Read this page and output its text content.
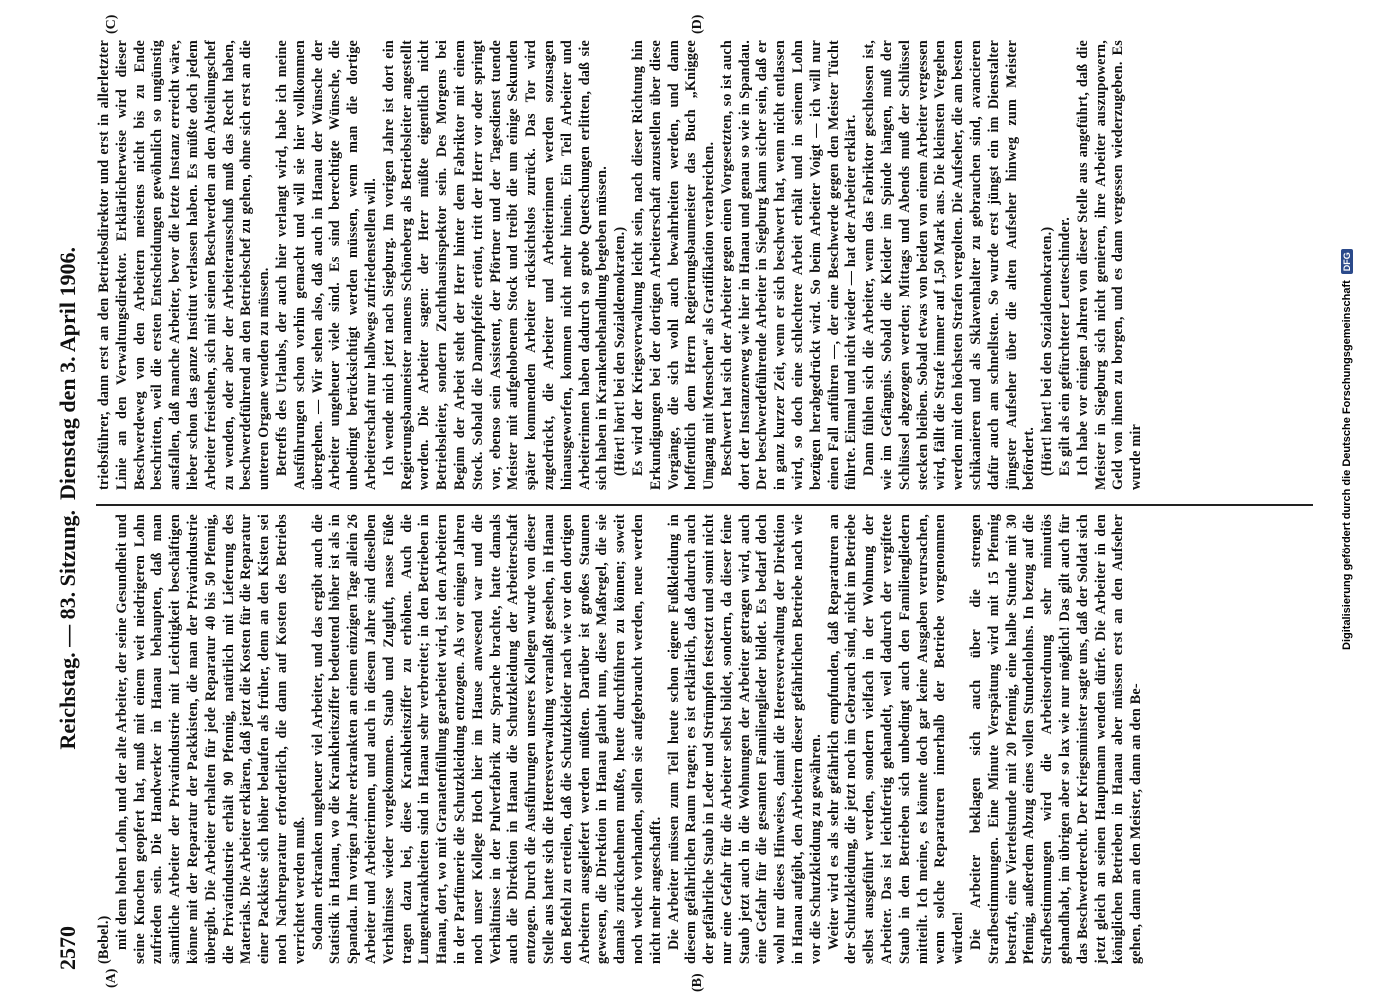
2570
Reichstag. — 83. Sitzung.
Dienstag den 3. April 1906.
(A)	(B)
(C)	(D)

(Bebel.) mit dem hohen Lohn, und der alte Arbeiter, der seine Gesundheit und seine Knochen geopfert hat, muß mit einem weit niedrigeren Lohn zufrieden sein. Die Handwerker in Hanau behaupten, daß man sämtliche Arbeiter der Privatindustrie mit Leichtigkeit beschäftigen könne mit der Reparatur der Packkisten, die man der Privatindustrie übergibt. Die Arbeiter erhalten für jede Reparatur 40 bis 50 Pfennig, die Privatindustrie erhält 90 Pfennig, natürlich mit Lieferung des Materials. Die Arbeiter erklären, daß jetzt die Kosten für die Reparatur einer Packkiste sich höher belaufen als früher, denn an den Kisten sei noch Nachreparatur erforderlich, die dann auf Kosten des Betriebs verrichtet werden muß. Sodann erkranken ungeheuer viel Arbeiter, und das ergibt auch die Statistik in Hanau, wo die Krankheitsziffer bedeutend höher ist als in Spandau. Im vorigen Jahre erkrankten an einem einzigen Tage allein 26 Arbeiter und Arbeiterinnen, und auch in diesem Jahre sind dieselben Verhältnisse wieder vorgekommen. Staub und Zugluft, nasse Füße tragen dazu bei, diese Krankheitsziffer zu erhöhen. Auch die Lungenkrankheiten sind in Hanau sehr verbreitet; in den Betrieben in Hanau, dort, wo mit Granatenfüllung gearbeitet wird, ist den Arbeitern in der Parfümerie die Schutzkleidung entzogen. Als vor einigen Jahren noch unser Kollege Hoch hier im Hause anwesend war und die Verhältnisse in der Pulverfabrik zur Sprache brachte, hatte damals auch die Direktion in Hanau die Schutzkleidung der Arbeiterschaft entzogen. Durch die Ausführungen unseres Kollegen wurde von dieser Stelle aus hatte sich die Heeresverwaltung veranlaßt gesehen, in Hanau den Befehl zu erteilen, daß die Schutzkleider nach wie vor den dortigen Arbeitern ausgeliefert werden müßten. Darüber ist großes Staunen gewesen, die Direktion in Hanau glaubt nun, diese Maßregel, die sie damals zurücknehmen mußte, heute durchführen zu können; soweit noch welche vorhanden, sollen sie aufgebraucht werden, neue werden nicht mehr angeschafft. Die Arbeiter müssen zum Teil heute schon eigene Fußkleidung in diesem gefährlichen Raum tragen; es ist erklärlich, daß dadurch auch der gefährliche Staub in Leder und Strümpfen festsetzt und somit nicht nur eine Gefahr für die Arbeiter selbst bildet, sondern, da dieser feine Staub jetzt auch in die Wohnungen der Arbeiter getragen wird, auch eine Gefahr für die gesamten Familienglieder bildet. Es bedarf doch wohl nur dieses Hinweises, damit die Heeresverwaltung der Direktion in Hanau aufgibt, den Arbeitern dieser gefährlichen Betriebe nach wie vor die Schutzkleidung zu gewähren. Weiter wird es als sehr gefährlich empfunden, daß Reparaturen an der Schutzkleidung, die jetzt noch im Gebrauch sind, nicht im Betriebe selbst ausgeführt werden, sondern vielfach in der Wohnung der Arbeiter. Das ist leichtfertig gehandelt, weil dadurch der vergiftete Staub in den Betrieben sich unbedingt auch den Familiengliedern mitteilt. Ich meine, es könnte doch gar keine Ausgaben verursachen, wenn solche Reparaturen innerhalb der Betriebe vorgenommen würden! Die Arbeiter beklagen sich auch über die strengen Strafbestimmungen. Eine Minute Verspätung wird mit 15 Pfennig bestraft, eine Viertelstunde mit 20 Pfennig, eine halbe Stunde mit 30 Pfennig, außerdem Abzug eines vollen Stundenlohns. In bezug auf die Strafbestimmungen wird die Arbeitsordnung sehr minutiös gehandhabt, im übrigen aber so lax wie nur möglich! Das gilt auch für das Beschwerderecht. Der Kriegsminister sagte uns, daß der Soldat sich jetzt gleich an seinen Hauptmann wenden dürfe. Die Arbeiter in den königlichen Betrieben in Hanau aber müssen erst an den Aufseher gehen, dann an den Meister, dann an den Be-

triebsführer, dann erst an den Betriebsdirektor und erst in allerletzter Linie an den Verwaltungsdirektor. Erklärlicherweise wird dieser Beschwerdeweg von den Arbeitern meistens nicht bis zu Ende beschritten, weil die ersten Entscheidungen gewöhnlich so ungünstig ausfallen, daß manche Arbeiter, bevor die letzte Instanz erreicht wäre, lieber schon das ganze Institut verlassen haben. Es müßte doch jedem Arbeiter freistehen, sich mit seinen Beschwerden an den Abteilungschef zu wenden, oder aber der Arbeiterausschuß muß das Recht haben, beschwerdeführend an den Betriebschef zu gehen, ohne sich erst an die unteren Organe wenden zu müssen. Betreffs des Urlaubs, der auch hier verlangt wird, habe ich meine Ausführungen schon vorhin gemacht und will sie hier vollkommen übergehen. — Wir sehen also, daß auch in Hanau der Wünsche der Arbeiter ungeheuer viele sind. Es sind berechtigte Wünsche, die unbedingt berücksichtigt werden müssen, wenn man die dortige Arbeiterschaft nur halbwegs zufriedenstellen will. Ich wende mich jetzt nach Siegburg. Im vorigen Jahre ist dort ein Regierungsbaumeister namens Schöneberg als Betriebsleiter angestellt worden. Die Arbeiter sagen: der Herr müßte eigentlich nicht Betriebsleiter, sondern Zuchthausinspektor sein. Des Morgens bei Beginn der Arbeit steht der Herr hinter dem Fabriktor mit einem Stock. Sobald die Dampfpfeife ertönt, tritt der Herr vor oder springt vor, ebenso sein Assistent, der Pförtner und der Tagesdienst tuende Meister mit aufgehobenem Stock und treibt die um einige Sekunden später kommenden Arbeiter rücksichtslos zurück. Das Tor wird zugedrückt, die Arbeiter und Arbeiterinnen werden sozusagen hinausgeworfen, kommen nicht mehr hinein. Ein Teil Arbeiter und Arbeiterinnen haben dadurch so grobe Quetschungen erlitten, daß sie sich haben in Krankenbehandlung begeben müssen. (Hört! hört! bei den Sozialdemokraten.) Es wird der Kriegsverwaltung leicht sein, nach dieser Richtung hin Erkundigungen bei der dortigen Arbeiterschaft anzustellen über diese Vorgänge, die sich wohl auch bewahrheiten werden, und dann hoffentlich dem Herrn Regierungsbaumeister das Buch „Kniggee Umgang mit Menschen“ als Gratifikation verabreichen. Beschwert hat sich der Arbeiter gegen einen Vorgesetzten, so ist auch dort der Instanzenweg wie hier in Hanau und genau so wie in Spandau. Der beschwerdeführende Arbeiter in Siegburg kann sicher sein, daß er in ganz kurzer Zeit, wenn er sich beschwert hat, wenn nicht entlassen wird, so doch eine schlechtere Arbeit erhält und in seinem Lohn bezügen herabgedrückt wird. So beim Arbeiter Voigt — ich will nur einen Fall anführen —, der eine Beschwerde gegen den Meister Tücht führte. Einmal und nicht wieder — hat der Arbeiter erklärt. Dann fühlen sich die Arbeiter, wenn das Fabriktor geschlossen ist, wie im Gefängnis. Sobald die Kleider im Spinde hängen, muß der Schlüssel abgezogen werden; Mittags und Abends muß der Schlüssel stecken bleiben. Sobald etwas von beiden von einem Arbeiter vergessen wird, fällt die Strafe immer auf 1,50 Mark aus. Die kleinsten Vergehen werden mit den höchsten Strafen vergolten. Die Aufseher, die am besten schikanieren und als Sklavenhalter zu gebrauchen sind, avancieren dafür auch am schnellsten. So wurde erst jüngst ein im Dienstalter jüngster Aufseher über die alten Aufseher hinweg zum Meister befördert. (Hört! hört! bei den Sozialdemokraten.) Es gilt als ein gefürchteter Leuteschinder. Ich habe vor einigen Jahren von dieser Stelle aus angeführt, daß die Meister in Siegburg sich nicht genieren, ihre Arbeiter auszupowern, Geld von ihnen zu borgen, und es dann vergessen wiederzugeben. Es wurde mir	Digitalisierung gefördert durch die Deutsche Forschungsgemeinschaft
DFG
